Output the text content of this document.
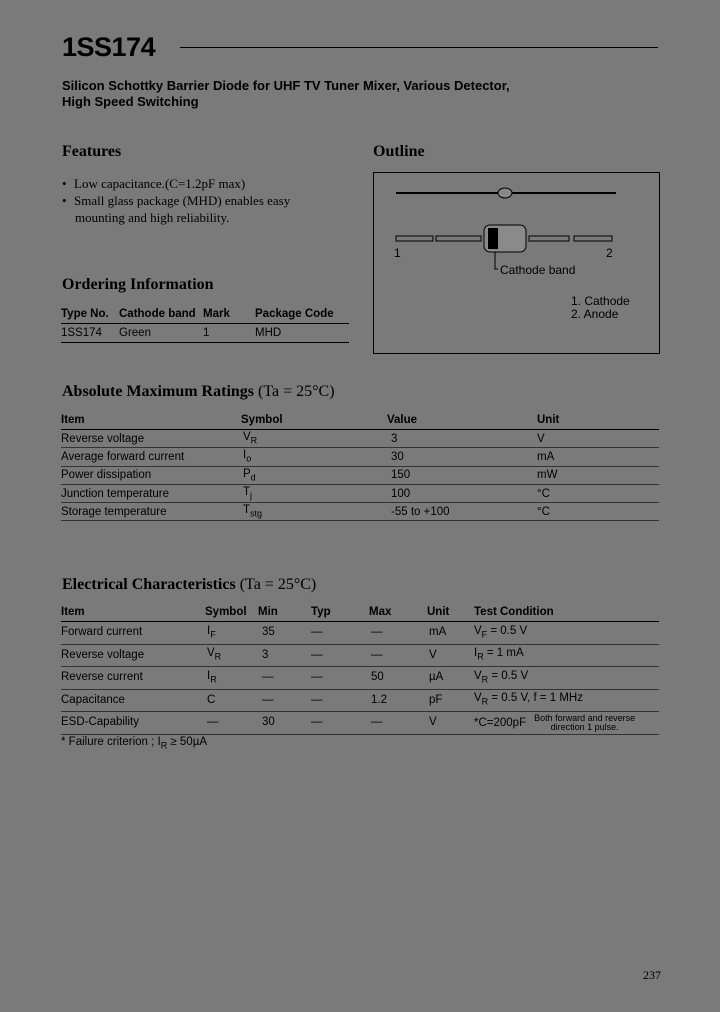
1SS174
Silicon Schottky Barrier Diode for UHF TV Tuner Mixer, Various Detector,
High Speed Switching
Features
• Low capacitance.(C=1.2pF max)
• Small glass package (MHD) enables easy
mounting and high reliability.
Outline
1	2
Cathode band
1. Cathode
2. Anode
Ordering Information
Type No.	Cathode band	Mark	Package Code
1SS174	Green	1	MHD
Absolute Maximum Ratings (Ta = 25°C)
Item	Symbol	Value	Unit
Reverse voltage	$V_R$	3	V
Average forward current	$I_o$	30	mA
Power dissipation	$P_d$	150	mW
Junction temperature	$T_j$	100	°C
Storage temperature	$T_{stg}$	-55 to +100	°C
Electrical Characteristics (Ta = 25°C)
Item	Symbol	Min	Typ	Max	Unit	Test Condition
Forward current	$I_F$	35	—	—	mA	$V_F = 0.5$ V
Reverse voltage	$V_R$	3	—	—	V	$I_R = 1$ mA
Reverse current	$I_R$	—	—	50	µA	$V_R = 0.5$ V
Capacitance	C	—	—	1.2	pF	$V_R = 0.5$ V, f = 1 MHz
ESD-Capability	—	30	—	—	V	*C=200pF Both forward and reverse
direction 1 pulse.
* Failure criterion ; $I_R \ge 50\mu A$
237
